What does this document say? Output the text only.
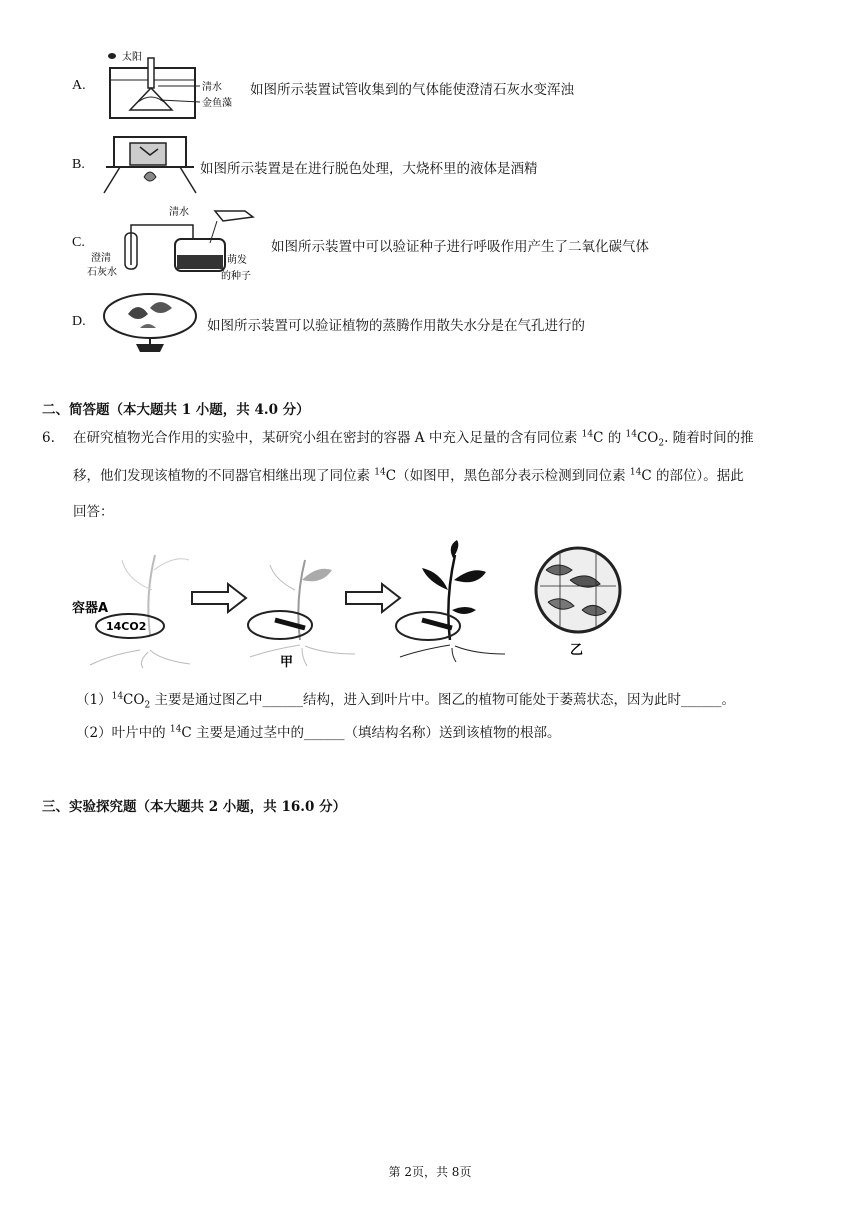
A.
太阳
清水
金鱼藻
如图所示装置试管收集到的气体能使澄清石灰水变浑浊
B.	如图所示装置是在进行脱色处理，大烧杯里的液体是酒精
C.
清水
澄清
石灰水
萌发
的种子
如图所示装置中可以验证种子进行呼吸作用产生了二氧化碳气体
D.	如图所示装置可以验证植物的蒸腾作用散失水分是在气孔进行的
二、简答题（本大题共 1 小题，共 4.0 分）
6. 在研究植物光合作用的实验中，某研究小组在密封的容器 A 中充入足量的含有同位素 $^{14}$C 的 $^{14}CO_2$. 随着时间的推
移，他们发现该植物的不同器官相继出现了同位素 $^{14}$C（如图甲，黑色部分表示检测到同位素 $^{14}$C 的部位）。据此
回答：
容器A
14CO2
甲
乙
$(1)^{14}CO_2$ 主要是通过图乙中______结构，进入到叶片中。图乙的植物可能处于萎蔫状态，因为此时______。
（2）叶片中的 $^{14}$C 主要是通过茎中的______（填结构名称）送到该植物的根部。
三、实验探究题（本大题共 2 小题，共 16.0 分）
第 2页，共 8页
